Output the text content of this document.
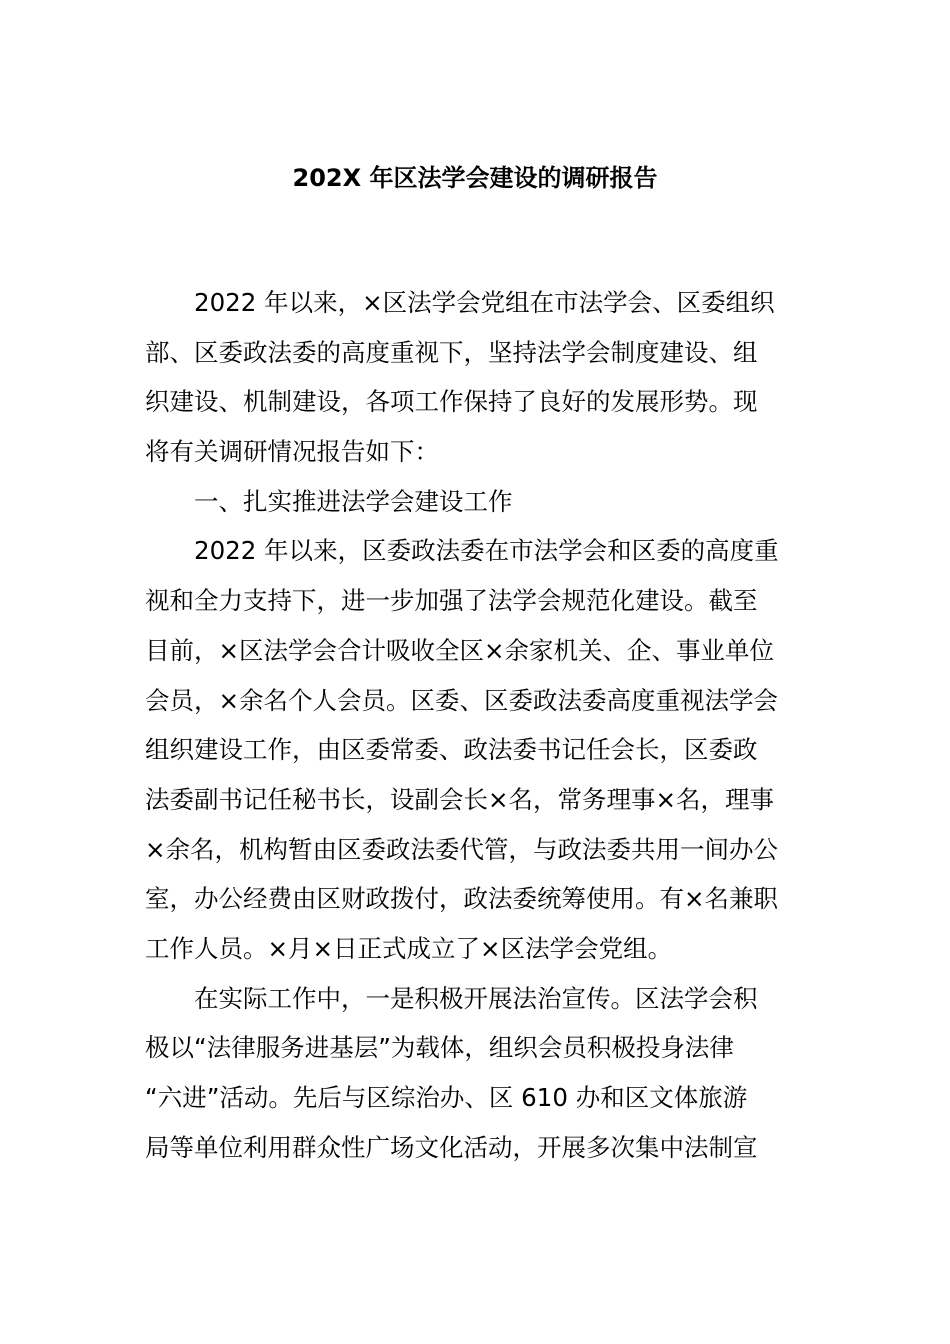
202X 年区法学会建设的调研报告
2022 年以来，×区法学会党组在市法学会、区委组织
部、区委政法委的高度重视下，坚持法学会制度建设、组
织建设、机制建设，各项工作保持了良好的发展形势。现
将有关调研情况报告如下：
一、扎实推进法学会建设工作
2022 年以来，区委政法委在市法学会和区委的高度重
视和全力支持下，进一步加强了法学会规范化建设。截至
目前，×区法学会合计吸收全区×余家机关、企、事业单位
会员，×余名个人会员。区委、区委政法委高度重视法学会
组织建设工作，由区委常委、政法委书记任会长，区委政
法委副书记任秘书长，设副会长×名，常务理事×名，理事
×余名，机构暂由区委政法委代管，与政法委共用一间办公
室，办公经费由区财政拨付，政法委统筹使用。有×名兼职
工作人员。×月×日正式成立了×区法学会党组。
在实际工作中，一是积极开展法治宣传。区法学会积
极以“法律服务进基层”为载体，组织会员积极投身法律
“六进”活动。先后与区综治办、区 610 办和区文体旅游
局等单位利用群众性广场文化活动，开展多次集中法制宣
